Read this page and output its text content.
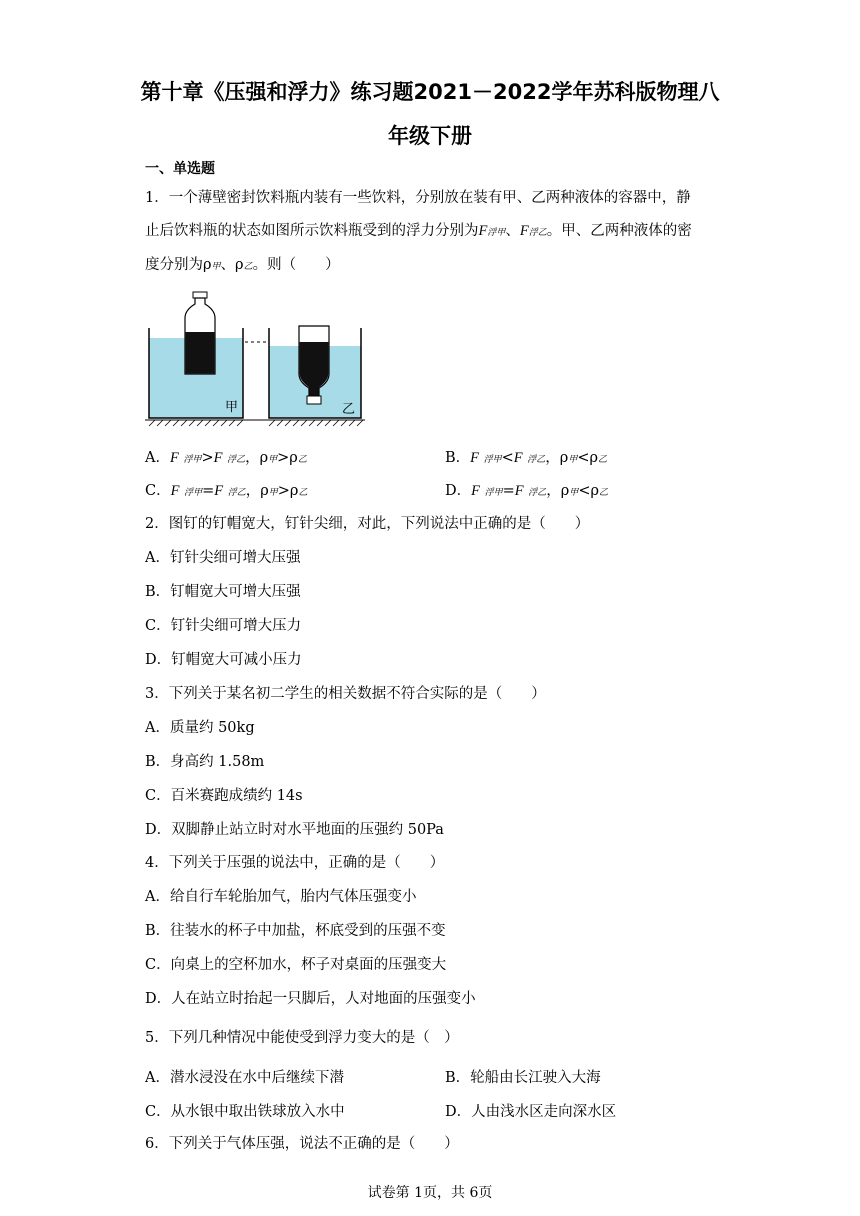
第十章《压强和浮力》练习题2021－2022学年苏科版物理八
年级下册
一、单选题
1．一个薄壁密封饮料瓶内装有一些饮料，分别放在装有甲、乙两种液体的容器中，静
止后饮料瓶的状态如图所示饮料瓶受到的浮力分别为F浮甲、F浮乙。甲、乙两种液体的密
度分别为ρ甲、ρ乙。则（　　）
甲	乙
A．F 浮甲>F 浮乙，ρ甲>ρ乙	B．F 浮甲<F 浮乙，ρ甲<ρ乙
C．F 浮甲=F 浮乙，ρ甲>ρ乙	D．F 浮甲=F 浮乙，ρ甲<ρ乙
2．图钉的钉帽宽大，钉针尖细，对此，下列说法中正确的是（　　）
A．钉针尖细可增大压强
B．钉帽宽大可增大压强
C．钉针尖细可增大压力
D．钉帽宽大可减小压力
3．下列关于某名初二学生的相关数据不符合实际的是（　　）
A．质量约 50kg
B．身高约 1.58m
C．百米赛跑成绩约 14s
D．双脚静止站立时对水平地面的压强约 50Pa
4．下列关于压强的说法中，正确的是（　　）
A．给自行车轮胎加气，胎内气体压强变小
B．往装水的杯子中加盐，杯底受到的压强不变
C．向桌上的空杯加水，杯子对桌面的压强变大
D．人在站立时抬起一只脚后，人对地面的压强变小
5．下列几种情况中能使受到浮力变大的是（　）
A．潜水浸没在水中后继续下潜	B．轮船由长江驶入大海
C．从水银中取出铁球放入水中	D．人由浅水区走向深水区
6．下列关于气体压强，说法不正确的是（　　）
试卷第 1页，共 6页
